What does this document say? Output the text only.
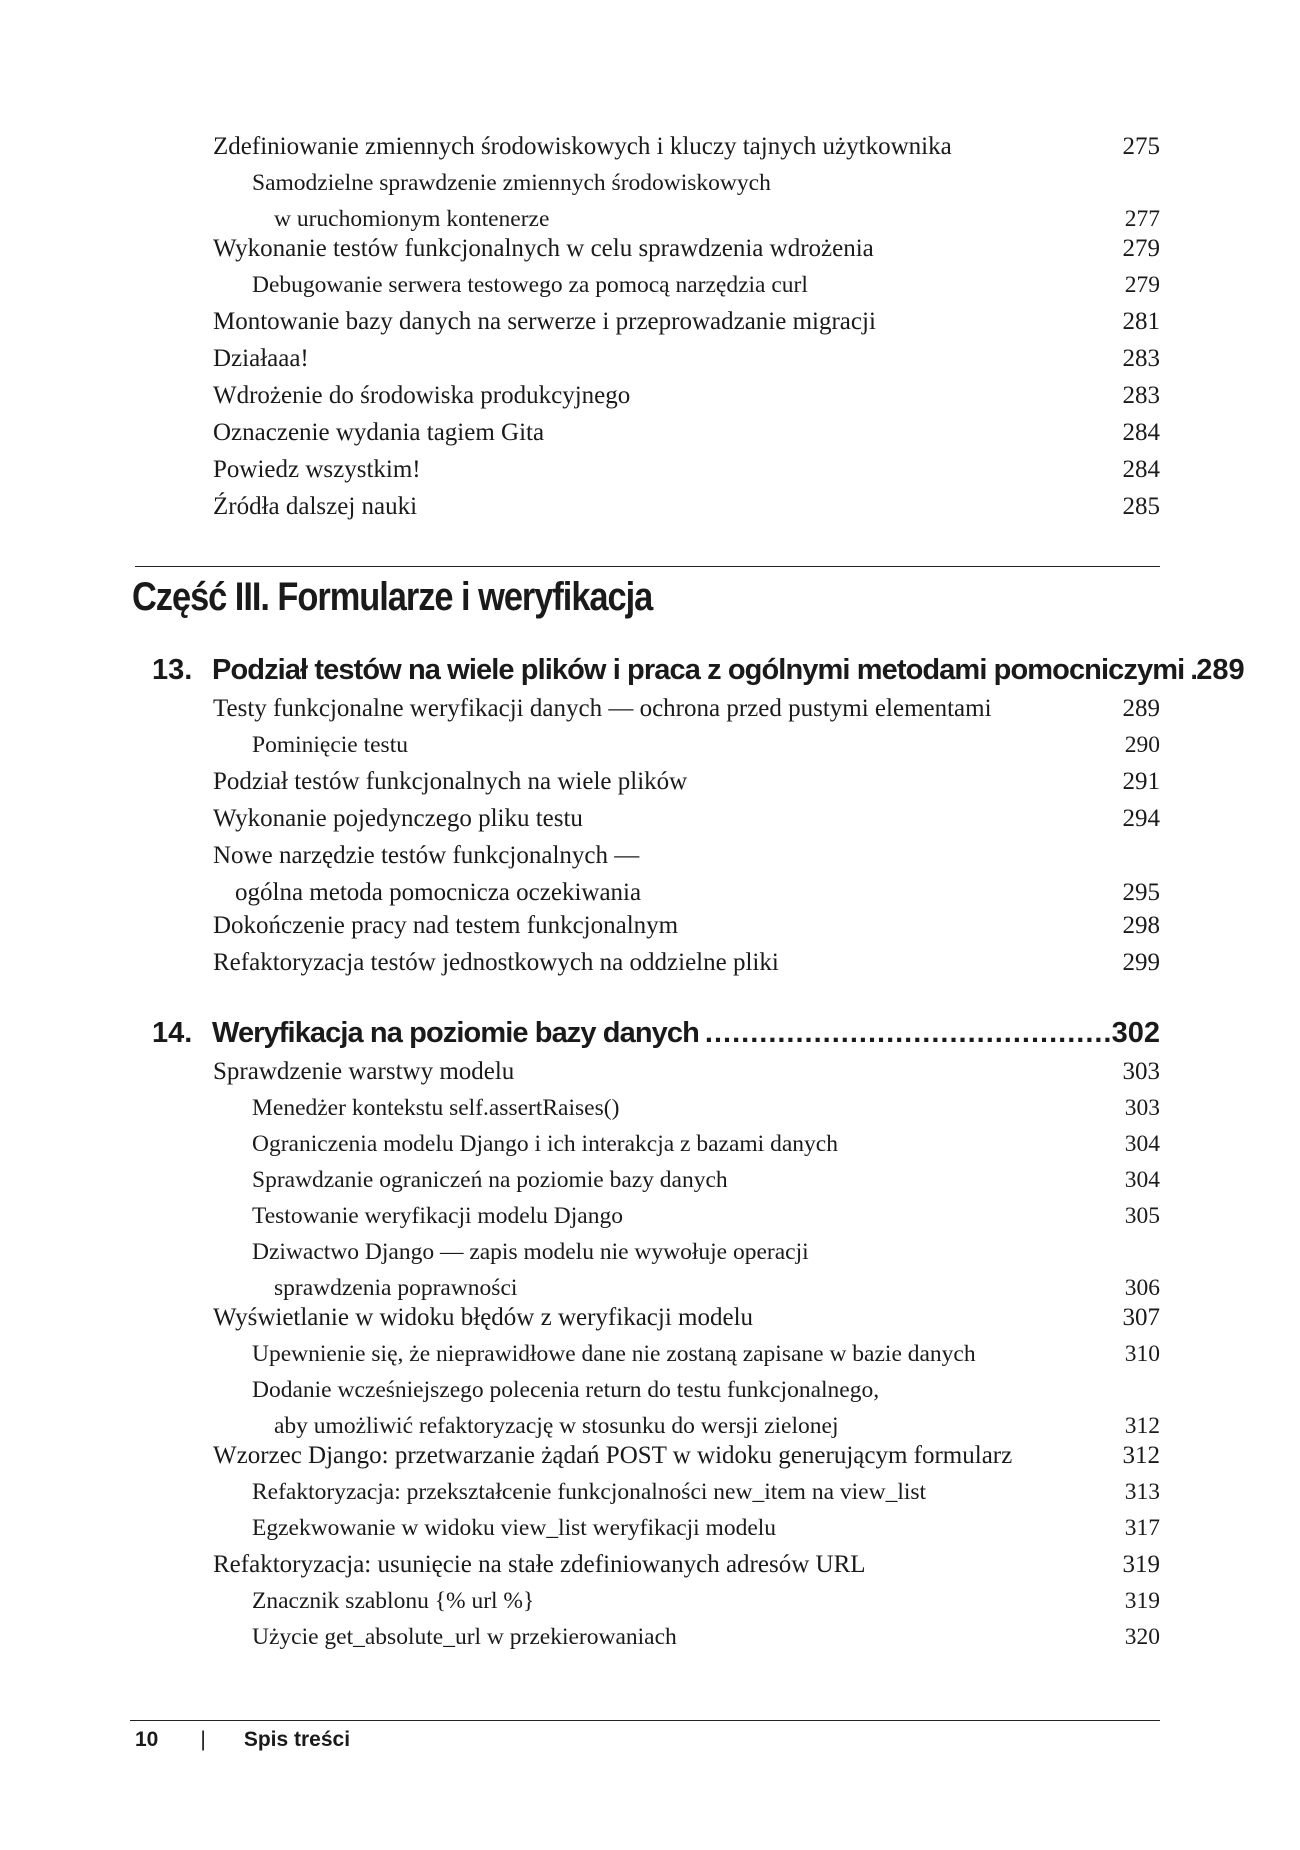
Zdefiniowanie zmiennych środowiskowych i kluczy tajnych użytkownika	275
Samodzielne sprawdzenie zmiennych środowiskowych
w uruchomionym kontenerze	277
Wykonanie testów funkcjonalnych w celu sprawdzenia wdrożenia	279
Debugowanie serwera testowego za pomocą narzędzia curl	279
Montowanie bazy danych na serwerze i przeprowadzanie migracji	281
Działaaa!	283
Wdrożenie do środowiska produkcyjnego	283
Oznaczenie wydania tagiem Gita	284
Powiedz wszystkim!	284
Źródła dalszej nauki	285
Część III. Formularze i weryfikacja
13. Podział testów na wiele plików i praca z ogólnymi metodami pomocniczymi ..... 289
Testy funkcjonalne weryfikacji danych — ochrona przed pustymi elementami	289
Pominięcie testu	290
Podział testów funkcjonalnych na wiele plików	291
Wykonanie pojedynczego pliku testu	294
Nowe narzędzie testów funkcjonalnych —
ogólna metoda pomocnicza oczekiwania	295
Dokończenie pracy nad testem funkcjonalnym	298
Refaktoryzacja testów jednostkowych na oddzielne pliki	299
14. Weryfikacja na poziomie bazy danych .....	302
Sprawdzenie warstwy modelu	303
Menedżer kontekstu self.assertRaises()	303
Ograniczenia modelu Django i ich interakcja z bazami danych	304
Sprawdzanie ograniczeń na poziomie bazy danych	304
Testowanie weryfikacji modelu Django	305
Dziwactwo Django — zapis modelu nie wywołuje operacji
sprawdzenia poprawności	306
Wyświetlanie w widoku błędów z weryfikacji modelu	307
Upewnienie się, że nieprawidłowe dane nie zostaną zapisane w bazie danych	310
Dodanie wcześniejszego polecenia return do testu funkcjonalnego,
aby umożliwić refaktoryzację w stosunku do wersji zielonej	312
Wzorzec Django: przetwarzanie żądań POST w widoku generującym formularz	312
Refaktoryzacja: przekształcenie funkcjonalności new_item na view_list	313
Egzekwowanie w widoku view_list weryfikacji modelu	317
Refaktoryzacja: usunięcie na stałe zdefiniowanych adresów URL	319
Znacznik szablonu {% url %}	319
Użycie get_absolute_url w przekierowaniach	320
10 | Spis treści
